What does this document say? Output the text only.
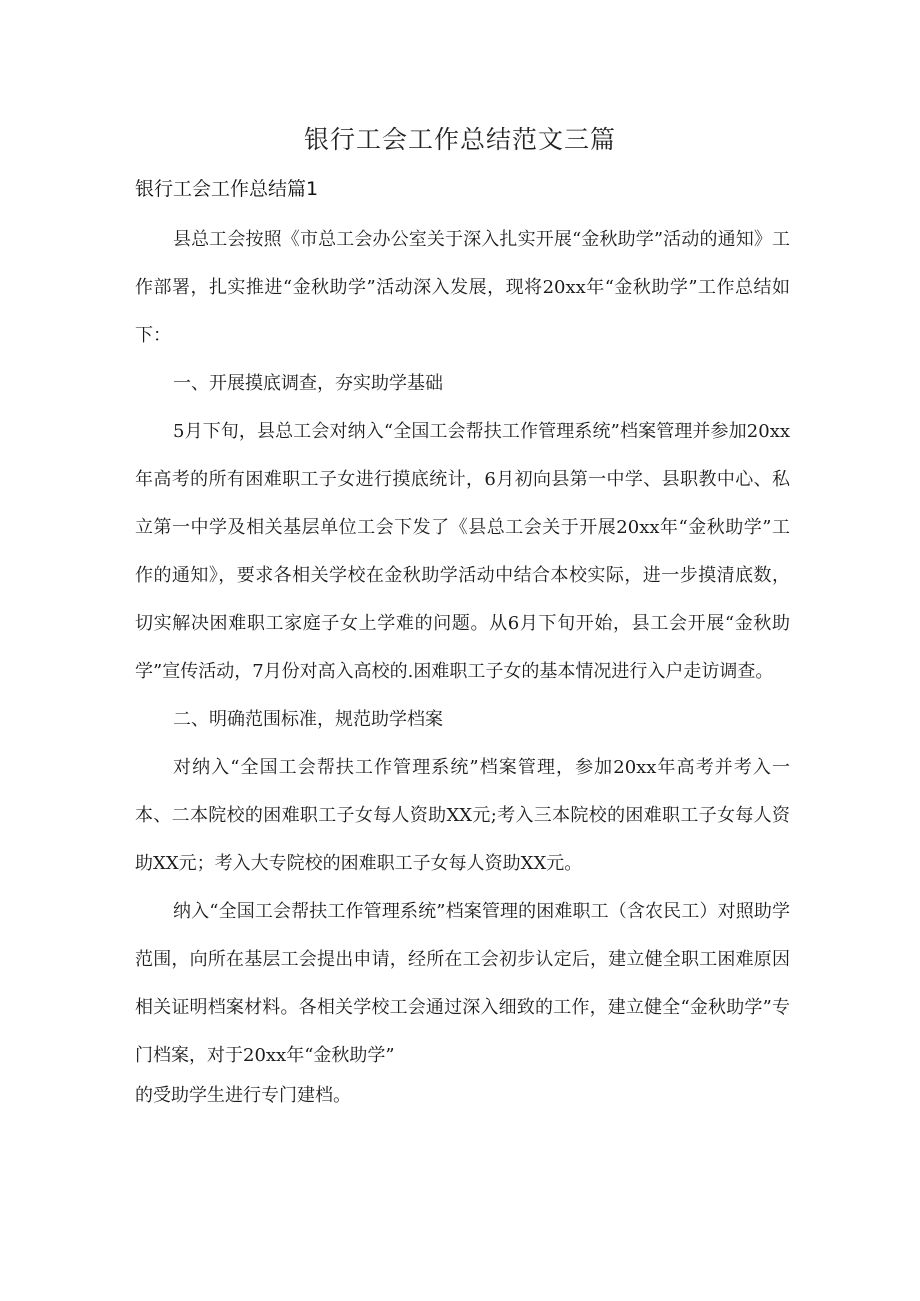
银行工会工作总结范文三篇
银行工会工作总结篇1

县总工会按照《市总工会办公室关于深入扎实开展“金秋助学”活动的通知》工作部署，扎实推进“金秋助学”活动深入发展，现将20xx年“金秋助学”工作总结如下：

一、开展摸底调查，夯实助学基础

5月下旬，县总工会对纳入“全国工会帮扶工作管理系统”档案管理并参加20xx年高考的所有困难职工子女进行摸底统计，6月初向县第一中学、县职教中心、私立第一中学及相关基层单位工会下发了《县总工会关于开展20xx年“金秋助学”工作的通知》，要求各相关学校在金秋助学活动中结合本校实际，进一步摸清底数，切实解决困难职工家庭子女上学难的问题。从6月下旬开始，县工会开展“金秋助学”宣传活动，7月份对高入高校的.困难职工子女的基本情况进行入户走访调查。

二、明确范围标准，规范助学档案

对纳入“全国工会帮扶工作管理系统”档案管理，参加20xx年高考并考入一本、二本院校的困难职工子女每人资助XX元;考入三本院校的困难职工子女每人资助XX元；考入大专院校的困难职工子女每人资助XX元。

纳入“全国工会帮扶工作管理系统”档案管理的困难职工（含农民工）对照助学范围，向所在基层工会提出申请，经所在工会初步认定后，建立健全职工困难原因相关证明档案材料。各相关学校工会通过深入细致的工作，建立健全“金秋助学”专门档案，对于20xx年“金秋助学”

的受助学生进行专门建档。
